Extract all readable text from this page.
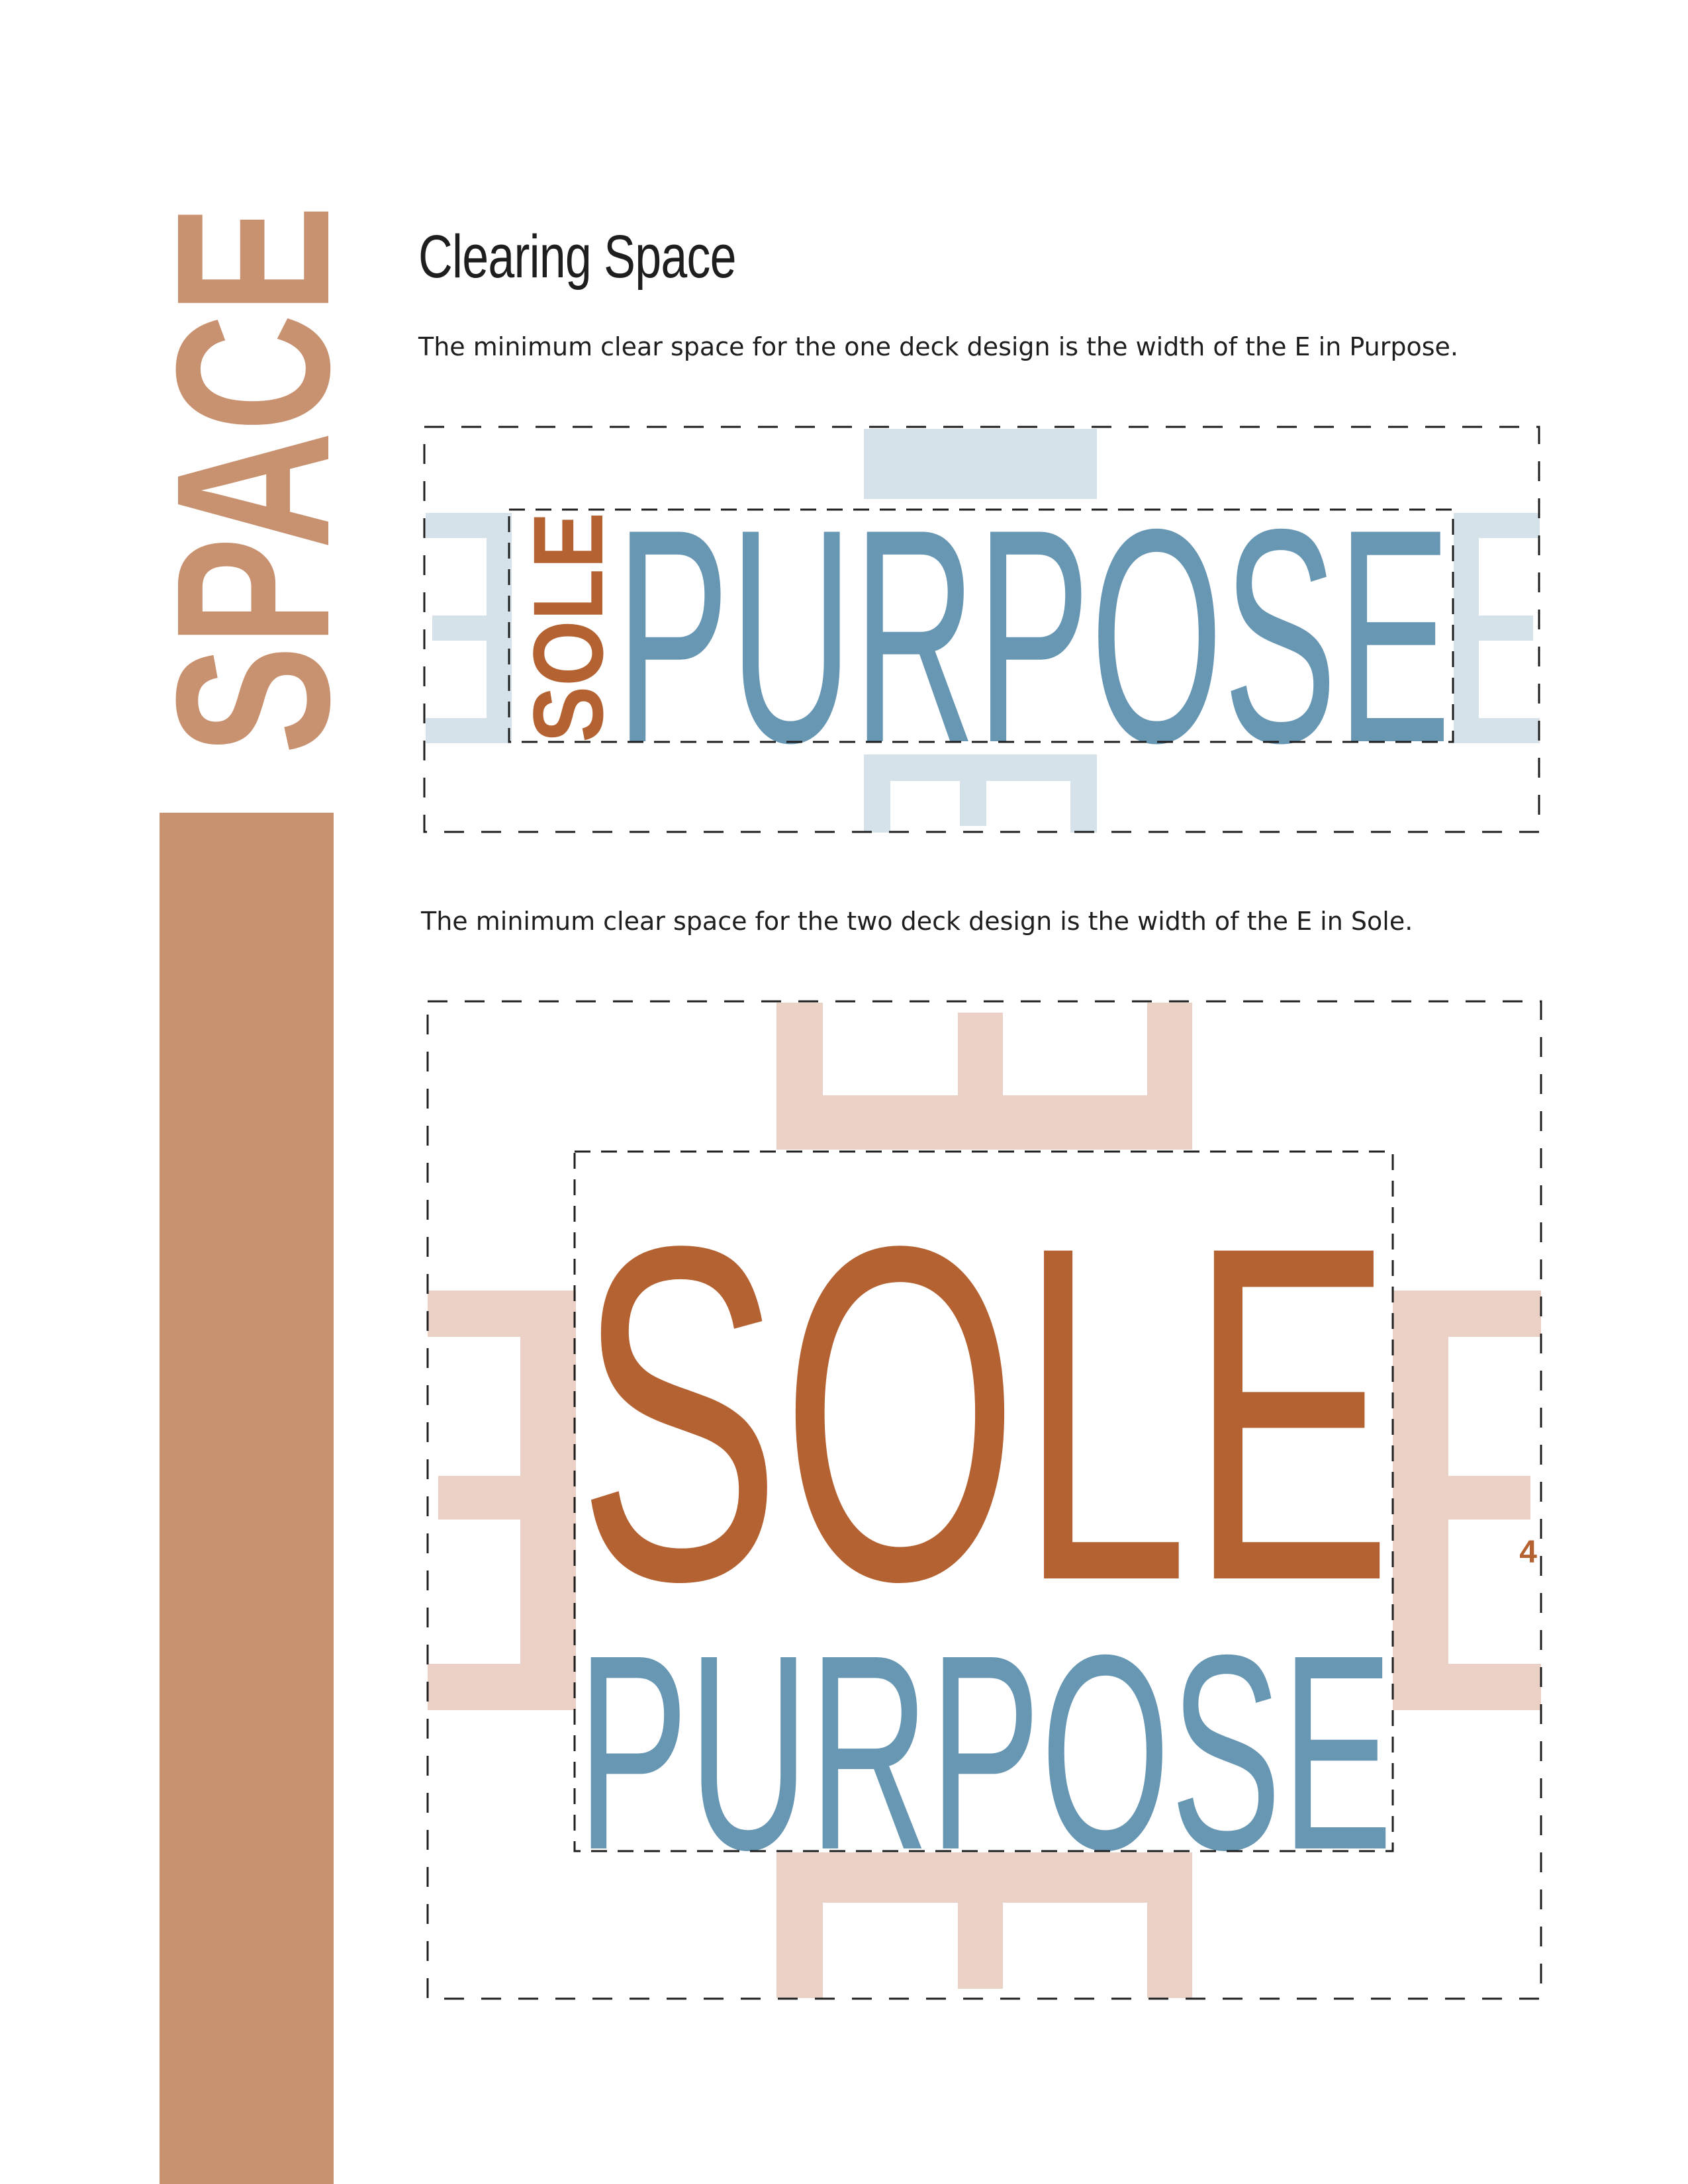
SPACE Clearing Space
The minimum clear space for the one deck design is the width of the E in Purpose.
The minimum clear space for the two deck design is the width of the E in Sole.
SOLE
PURPOSE
SOLE
PURPOSE
4
